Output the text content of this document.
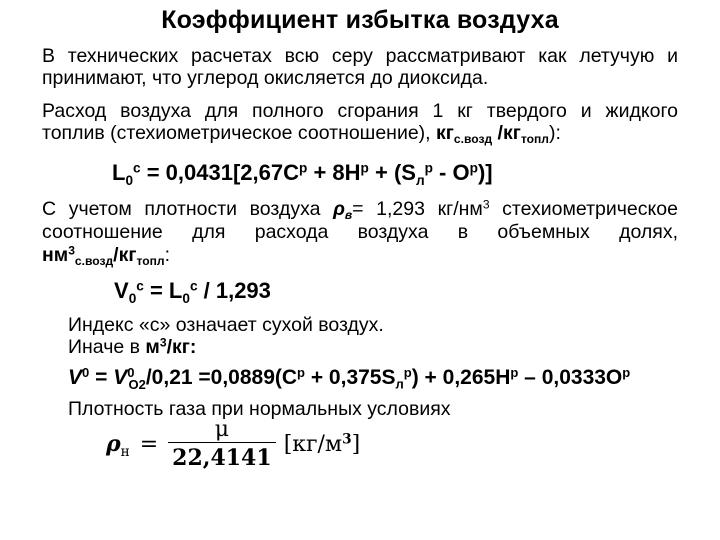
Коэффициент избытка воздуха
В технических расчетах всю серу рассматривают как летучую и
принимают, что углерод окисляется до диоксида.
Расход воздуха для полного сгорания 1 кг твердого и жидкого
топлив (стехиометрическое соотношение), $кг_{с.возд}$ $/кг_{топл}$):
$L_0^с = 0,0431[2,67C^р + 8H^р + (S_л^р - O^р)]$
С учетом плотности воздуха $\rho_в= 1,293$ $кг/нм^3$ стехиометрическое
соотношение для расхода воздуха в объемных долях,
$нм^3_{с.возд}/кг_{топл}$:
$V_0^с = L_0^с / 1,293$
Индекс «с» означает сухой воздух.
Иначе в $м^3/кг$:
$V^0 = V^0_{O2}/0,21 =0,0889(C^р + 0,375S_л^р) + 0,265H^р - 0,0333O^р$
Плотность газа при нормальных условиях
$\rho_н = \frac{\mu}{22,4141} [кг/м^3]$
